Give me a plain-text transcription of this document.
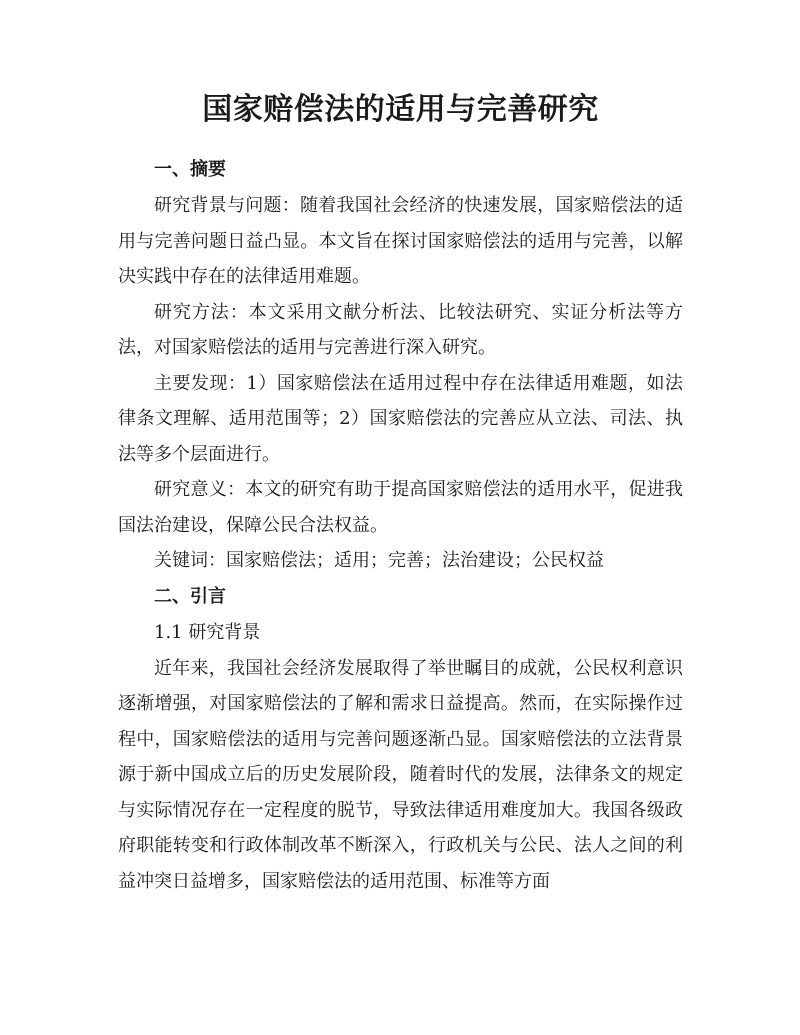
国家赔偿法的适用与完善研究

一、摘要

研究背景与问题：随着我国社会经济的快速发展，国家赔偿法的适用与完善问题日益凸显。本文旨在探讨国家赔偿法的适用与完善，以解决实践中存在的法律适用难题。

研究方法：本文采用文献分析法、比较法研究、实证分析法等方法，对国家赔偿法的适用与完善进行深入研究。

主要发现：1）国家赔偿法在适用过程中存在法律适用难题，如法律条文理解、适用范围等；2）国家赔偿法的完善应从立法、司法、执法等多个层面进行。

研究意义：本文的研究有助于提高国家赔偿法的适用水平，促进我国法治建设，保障公民合法权益。

关键词：国家赔偿法；适用；完善；法治建设；公民权益

二、引言

1.1 研究背景

近年来，我国社会经济发展取得了举世瞩目的成就，公民权利意识逐渐增强，对国家赔偿法的了解和需求日益提高。然而，在实际操作过程中，国家赔偿法的适用与完善问题逐渐凸显。国家赔偿法的立法背景源于新中国成立后的历史发展阶段，随着时代的发展，法律条文的规定与实际情况存在一定程度的脱节，导致法律适用难度加大。我国各级政府职能转变和行政体制改革不断深入，行政机关与公民、法人之间的利益冲突日益增多，国家赔偿法的适用范围、标准等方面
